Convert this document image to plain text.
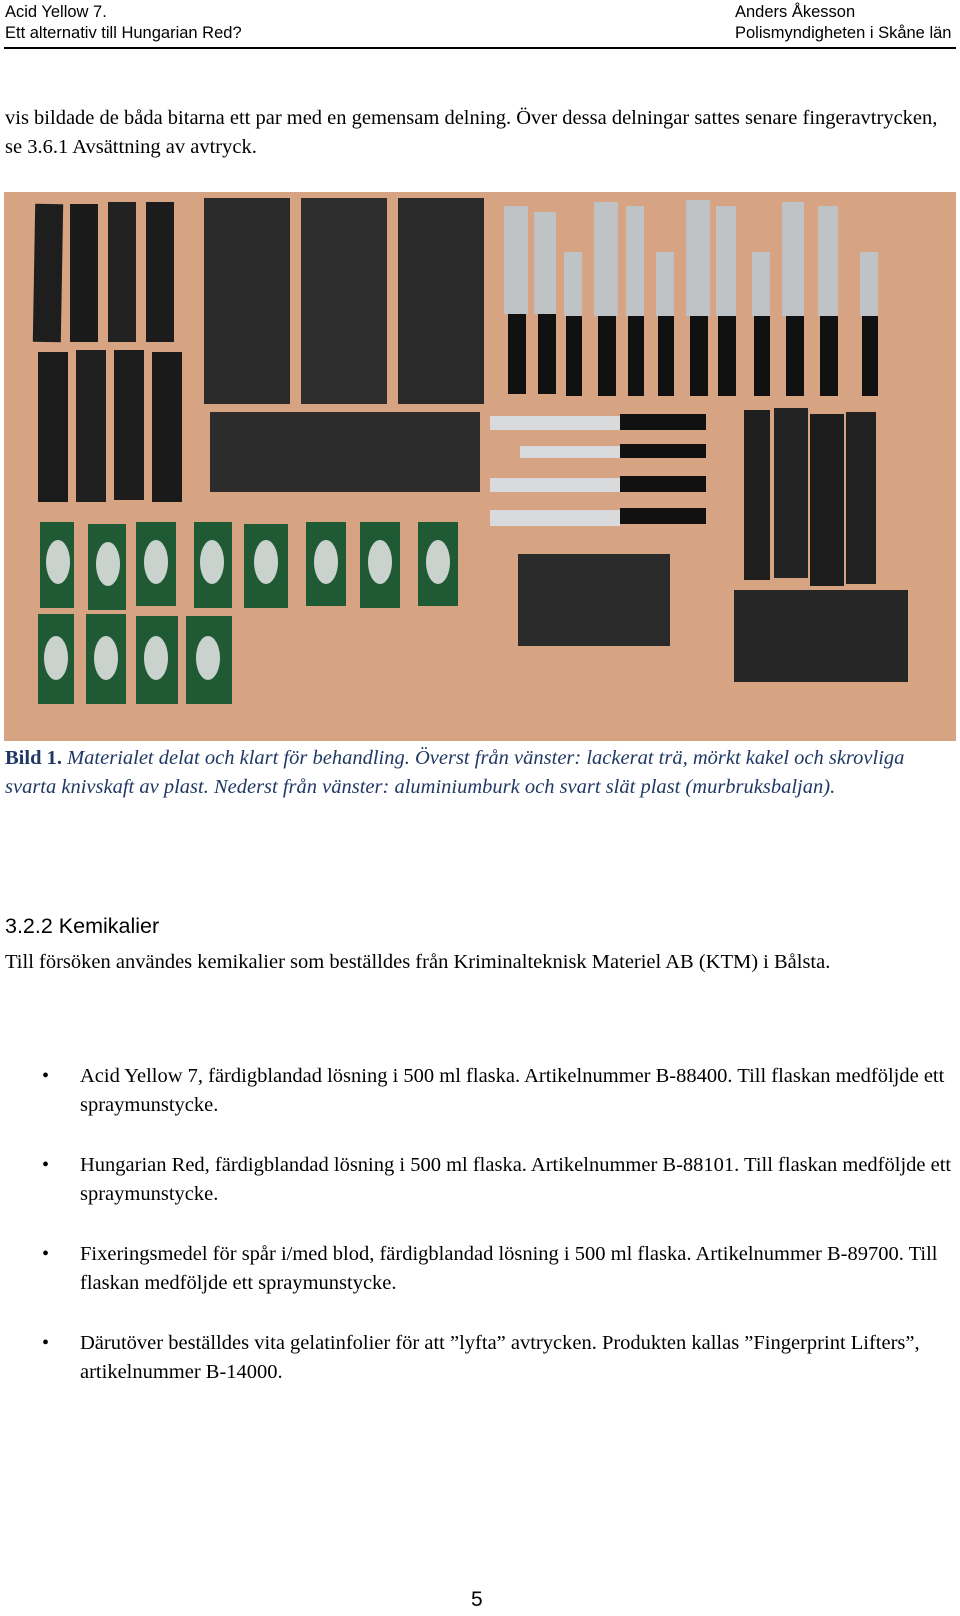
Acid Yellow 7.
Ett alternativ till Hungarian Red?
Anders Åkesson
Polismyndigheten i Skåne län

vis bildade de båda bitarna ett par med en gemensam delning. Över dessa delningar sattes senare fingeravtrycken, se 3.6.1 Avsättning av avtryck.

Bild 1. Materialet delat och klart för behandling. Överst från vänster: lackerat trä, mörkt kakel och skrovliga svarta knivskaft av plast. Nederst från vänster: aluminiumburk och svart slät plast (murbruksbaljan).

3.2.2 Kemikalier

Till försöken användes kemikalier som beställdes från Kriminalteknisk Materiel AB (KTM) i Bålsta.

• Acid Yellow 7, färdigblandad lösning i 500 ml flaska. Artikelnummer B-88400. Till flaskan medföljde ett spraymunstycke.
• Hungarian Red, färdigblandad lösning i 500 ml flaska. Artikelnummer B-88101. Till flaskan medföljde ett spraymunstycke.
• Fixeringsmedel för spår i/med blod, färdigblandad lösning i 500 ml flaska. Artikelnummer B-89700. Till flaskan medföljde ett spraymunstycke.
• Därutöver beställdes vita gelatinfolier för att ”lyfta” avtrycken. Produkten kallas ”Fingerprint Lifters”, artikelnummer B-14000.
5
